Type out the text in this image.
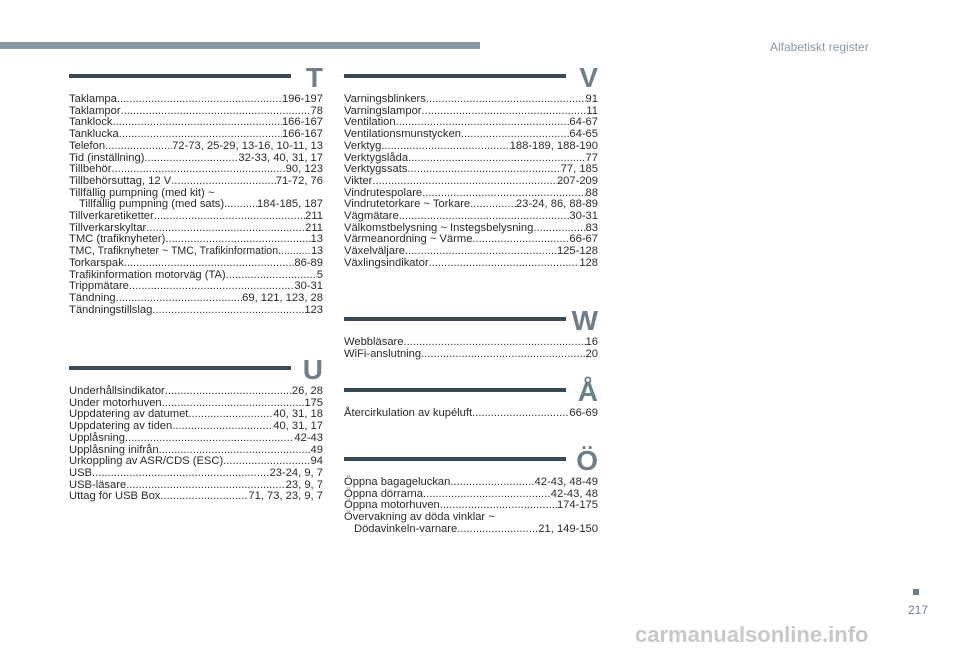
Alfabetiskt register
T
Taklampa .....	196-197
Taklampor .....	78
Tanklock .....	166-167
Tanklucka .....	166-167
Telefon .....	72-73, 25-29, 13-16, 10-11, 13
Tid (inställning) .....	32-33, 40, 31, 17
Tillbehör .....	90, 123
Tillbehörsuttag, 12 V .....	71-72, 76
Tillfällig pumpning (med kit) ~
Tillfällig pumpning (med sats) .....	184-185, 187
Tillverkaretiketter .....	211
Tillverkarskyltar .....	211
TMC (trafiknyheter) .....	13
TMC, Trafiknyheter ~ TMC, Trafikinformation .....	13
Torkarspak .....	86-89
Trafikinformation motorväg (TA) .....	5
Trippmätare .....	30-31
Tändning .....	69, 121, 123, 28
Tändningstillslag .....	123
U
Underhållsindikator .....	26, 28
Under motorhuven .....	175
Uppdatering av datumet .....	40, 31, 18
Uppdatering av tiden .....	40, 31, 17
Upplåsning .....	42-43
Upplåsning inifrån .....	49
Urkoppling av ASR/CDS (ESC) .....	94
USB .....	23-24, 9, 7
USB-läsare .....	23, 9, 7
Uttag för USB Box .....	71, 73, 23, 9, 7
V
Varningsblinkers .....	91
Varningslampor .....	11
Ventilation .....	64-67
Ventilationsmunstycken .....	64-65
Verktyg .....	188-189, 188-190
Verktygslåda .....	77
Verktygssats .....	77, 185
Vikter .....	207-209
Vindrutespolare .....	88
Vindrutetorkare ~ Torkare .....	23-24, 86, 88-89
Vägmätare .....	30-31
Välkomstbelysning ~ Instegsbelysning .....	83
Värmeanordning ~ Värme .....	66-67
Växelväljare .....	125-128
Växlingsindikator .....	128
W
Webbläsare .....	16
WiFi-anslutning .....	20
Å
Återcirkulation av kupéluft .....	66-69
Ö
Öppna bagageluckan .....	42-43, 48-49
Öppna dörrarna .....	42-43, 48
Öppna motorhuven .....	174-175
Övervakning av döda vinklar ~
Dödavinkeln-varnare .....	21, 149-150
217
carmanualsonline.info
